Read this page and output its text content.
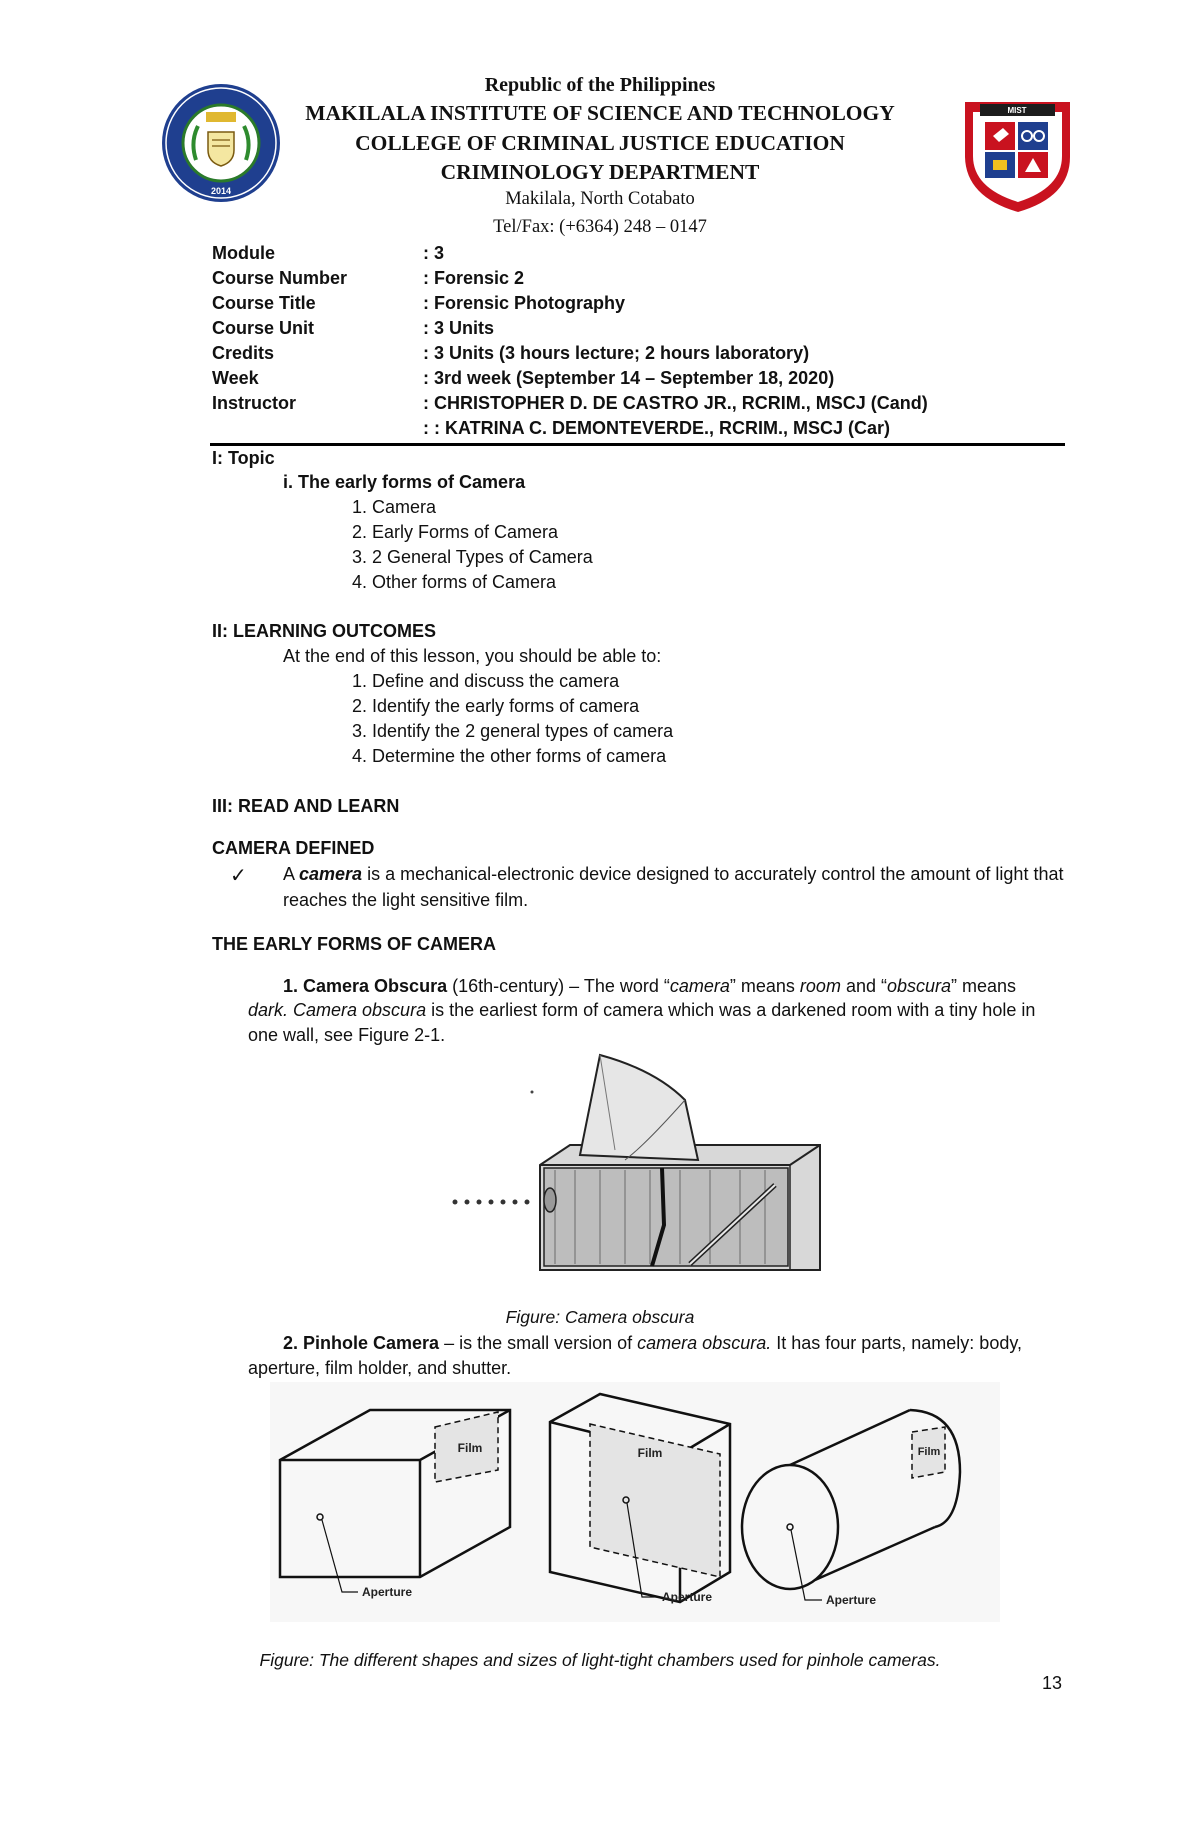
2014
MIST
Republic of the Philippines
MAKILALA INSTITUTE OF SCIENCE AND TECHNOLOGY
COLLEGE OF CRIMINAL JUSTICE EDUCATION
CRIMINOLOGY DEPARTMENT
Makilala, North Cotabato
Tel/Fax: (+6364) 248 – 0147
Module	: 3
Course Number	: Forensic 2
Course Title	: Forensic Photography
Course Unit	: 3 Units
Credits	: 3 Units (3 hours lecture; 2 hours laboratory)
Week	: 3rd week (September 14 – September 18, 2020)
Instructor	: CHRISTOPHER D. DE CASTRO JR., RCRIM., MSCJ (Cand)
: : KATRINA C. DEMONTEVERDE., RCRIM., MSCJ (Car)
I: Topic
i. The early forms of Camera
1. Camera
2. Early Forms of Camera
3. 2 General Types of Camera
4. Other forms of Camera
II: LEARNING OUTCOMES
At the end of this lesson, you should be able to:
1. Define and discuss the camera
2. Identify the early forms of camera
3. Identify the 2 general types of camera
4. Determine the other forms of camera
III: READ AND LEARN
CAMERA DEFINED
✓ A camera is a mechanical-electronic device designed to accurately control the amount of light that
reaches the light sensitive film.
THE EARLY FORMS OF CAMERA
1. Camera Obscura (16th-century) – The word “camera” means room and “obscura” means
dark. Camera obscura is the earliest form of camera which was a darkened room with a tiny hole in
one wall, see Figure 2-1.
Figure: Camera obscura
2. Pinhole Camera – is the small version of camera obscura. It has four parts, namely: body,
aperture, film holder, and shutter.
Film
Aperture
Film
Aperture
Film
Aperture
Figure: The different shapes and sizes of light-tight chambers used for pinhole cameras.
13
